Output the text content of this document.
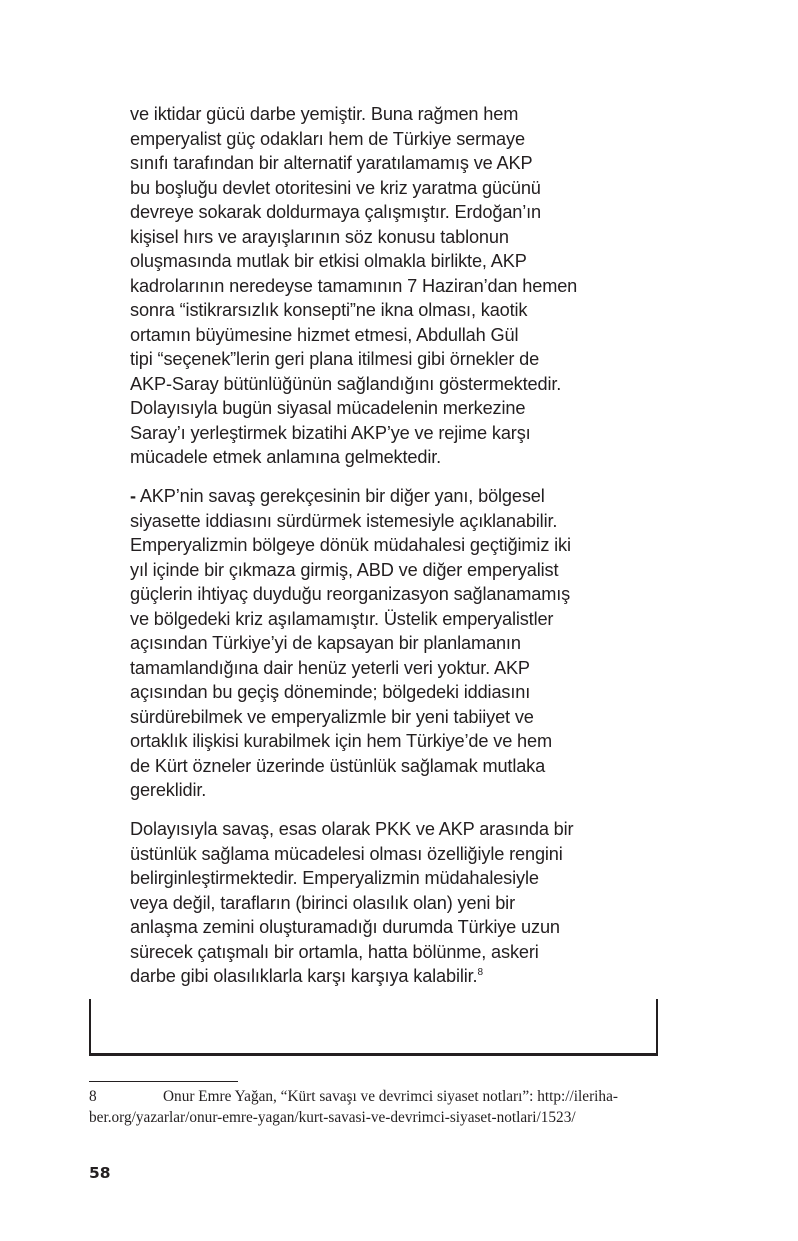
ve iktidar gücü darbe yemiştir. Buna rağmen hem
emperyalist güç odakları hem de Türkiye sermaye
sınıfı tarafından bir alternatif yaratılamamış ve AKP
bu boşluğu devlet otoritesini ve kriz yaratma gücünü
devreye sokarak doldurmaya çalışmıştır. Erdoğan’ın
kişisel hırs ve arayışlarının söz konusu tablonun
oluşmasında mutlak bir etkisi olmakla birlikte, AKP
kadrolarının neredeyse tamamının 7 Haziran’dan hemen
sonra “istikrarsızlık konsepti”ne ikna olması, kaotik
ortamın büyümesine hizmet etmesi, Abdullah Gül
tipi “seçenek”lerin geri plana itilmesi gibi örnekler de
AKP-Saray bütünlüğünün sağlandığını göstermektedir.
Dolayısıyla bugün siyasal mücadelenin merkezine
Saray’ı yerleştirmek bizatihi AKP’ye ve rejime karşı
mücadele etmek anlamına gelmektedir.

- AKP’nin savaş gerekçesinin bir diğer yanı, bölgesel
siyasette iddiasını sürdürmek istemesiyle açıklanabilir.
Emperyalizmin bölgeye dönük müdahalesi geçtiğimiz iki
yıl içinde bir çıkmaza girmiş, ABD ve diğer emperyalist
güçlerin ihtiyaç duyduğu reorganizasyon sağlanamamış
ve bölgedeki kriz aşılamamıştır. Üstelik emperyalistler
açısından Türkiye’yi de kapsayan bir planlamanın
tamamlandığına dair henüz yeterli veri yoktur. AKP
açısından bu geçiş döneminde; bölgedeki iddiasını
sürdürebilmek ve emperyalizmle bir yeni tabiiyet ve
ortaklık ilişkisi kurabilmek için hem Türkiye’de ve hem
de Kürt özneler üzerinde üstünlük sağlamak mutlaka
gereklidir.

Dolayısıyla savaş, esas olarak PKK ve AKP arasında bir
üstünlük sağlama mücadelesi olması özelliğiyle rengini
belirginleştirmektedir. Emperyalizmin müdahalesiyle
veya değil, tarafların (birinci olasılık olan) yeni bir
anlaşma zemini oluşturamadığı durumda Türkiye uzun
sürecek çatışmalı bir ortamla, hatta bölünme, askeri
darbe gibi olasılıklarla karşı karşıya kalabilir.$^8$

8	Onur Emre Yağan, “Kürt savaşı ve devrimci siyaset notları”: http://ileriha-
ber.org/yazarlar/onur-emre-yagan/kurt-savasi-ve-devrimci-siyaset-notlari/1523/
58
